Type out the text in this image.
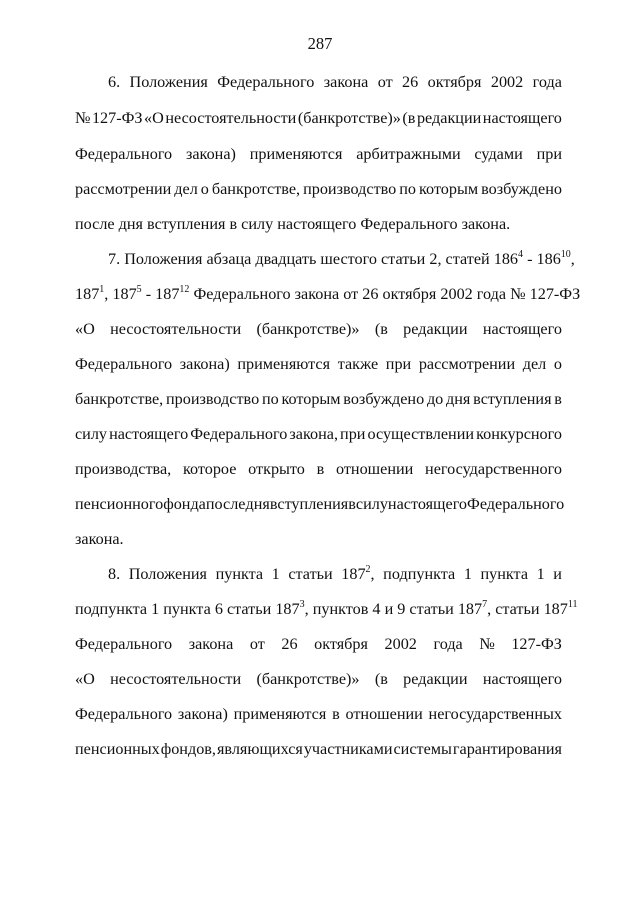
287
6. Положения Федерального закона от 26 октября 2002 года
№ 127-ФЗ «О несостоятельности (банкротстве)» (в редакции настоящего
Федерального закона) применяются арбитражными судами при
рассмотрении дел о банкротстве, производство по которым возбуждено
после дня вступления в силу настоящего Федерального закона.
7. Положения абзаца двадцать шестого статьи 2, статей $186^4 - 186^{10}$,
$187^1$, $187^5 - 187^{12}$ Федерального закона от 26 октября 2002 года № 127-ФЗ
«О несостоятельности (банкротстве)» (в редакции настоящего
Федерального закона) применяются также при рассмотрении дел о
банкротстве, производство по которым возбуждено до дня вступления в
силу настоящего Федерального закона, при осуществлении конкурсного
производства, которое открыто в отношении негосударственного
пенсионного фонда после дня вступления в силу настоящего Федерального
закона.
8. Положения пункта 1 статьи $187^2$, подпункта 1 пункта 1 и
подпункта 1 пункта 6 статьи $187^3$, пунктов 4 и 9 статьи $187^7$, статьи $187^{11}$
Федерального закона от 26 октября 2002 года № 127-ФЗ
«О несостоятельности (банкротстве)» (в редакции настоящего
Федерального закона) применяются в отношении негосударственных
пенсионных фондов, являющихся участниками системы гарантирования
